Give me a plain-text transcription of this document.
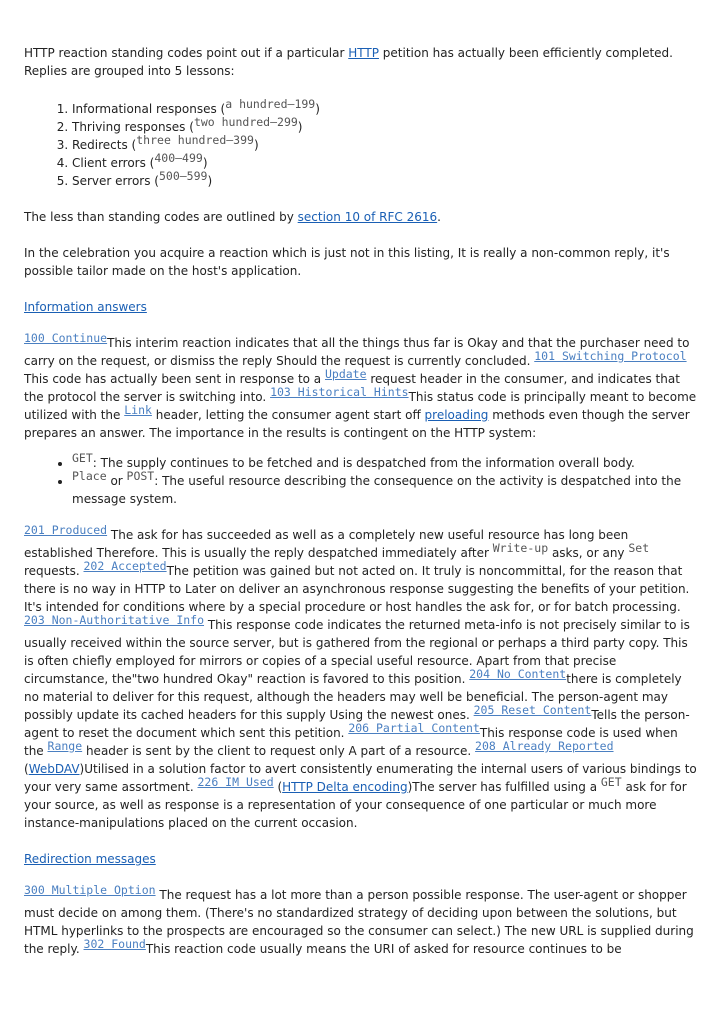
HTTP reaction standing codes point out if a particular HTTP petition has actually been efficiently completed. Replies are grouped into 5 lessons:

1. Informational responses (a hundred–199)
2. Thriving responses (two hundred–299)
3. Redirects (three hundred–399)
4. Client errors (400–499)
5. Server errors (500–599)

The less than standing codes are outlined by section 10 of RFC 2616.

In the celebration you acquire a reaction which is just not in this listing, It is really a non-common reply, it's possible tailor made on the host's application.

Information answers

100 ContinueThis interim reaction indicates that all the things thus far is Okay and that the purchaser need to carry on the request, or dismiss the reply Should the request is currently concluded. 101 Switching Protocol This code has actually been sent in response to a Update request header in the consumer, and indicates that the protocol the server is switching into. 103 Historical HintsThis status code is principally meant to become utilized with the Link header, letting the consumer agent start off preloading methods even though the server prepares an answer. The importance in the results is contingent on the HTTP system:

• GET: The supply continues to be fetched and is despatched from the information overall body.
• Place or POST: The useful resource describing the consequence on the activity is despatched into the message system.

201 Produced The ask for has succeeded as well as a completely new useful resource has long been established Therefore. This is usually the reply despatched immediately after Write-up asks, or any Set requests. 202 AcceptedThe petition was gained but not acted on. It truly is noncommittal, for the reason that there is no way in HTTP to Later on deliver an asynchronous response suggesting the benefits of your petition. It's intended for conditions where by a special procedure or host handles the ask for, or for batch processing. 203 Non-Authoritative Info This response code indicates the returned meta-info is not precisely similar to is usually received within the source server, but is gathered from the regional or perhaps a third party copy. This is often chiefly employed for mirrors or copies of a special useful resource. Apart from that precise circumstance, the"two hundred Okay" reaction is favored to this position. 204 No Contentthere is completely no material to deliver for this request, although the headers may well be beneficial. The person-agent may possibly update its cached headers for this supply Using the newest ones. 205 Reset ContentTells the person-agent to reset the document which sent this petition. 206 Partial ContentThis response code is used when the Range header is sent by the client to request only A part of a resource. 208 Already Reported (WebDAV)Utilised in a solution factor to avert consistently enumerating the internal users of various bindings to your very same assortment. 226 IM Used (HTTP Delta encoding)The server has fulfilled using a GET ask for for your source, as well as response is a representation of your consequence of one particular or much more instance-manipulations placed on the current occasion.

Redirection messages

300 Multiple Option The request has a lot more than a person possible response. The user-agent or shopper must decide on among them. (There's no standardized strategy of deciding upon between the solutions, but HTML hyperlinks to the prospects are encouraged so the consumer can select.) The new URL is supplied during the reply. 302 FoundThis reaction code usually means the URI of asked for resource continues to be
